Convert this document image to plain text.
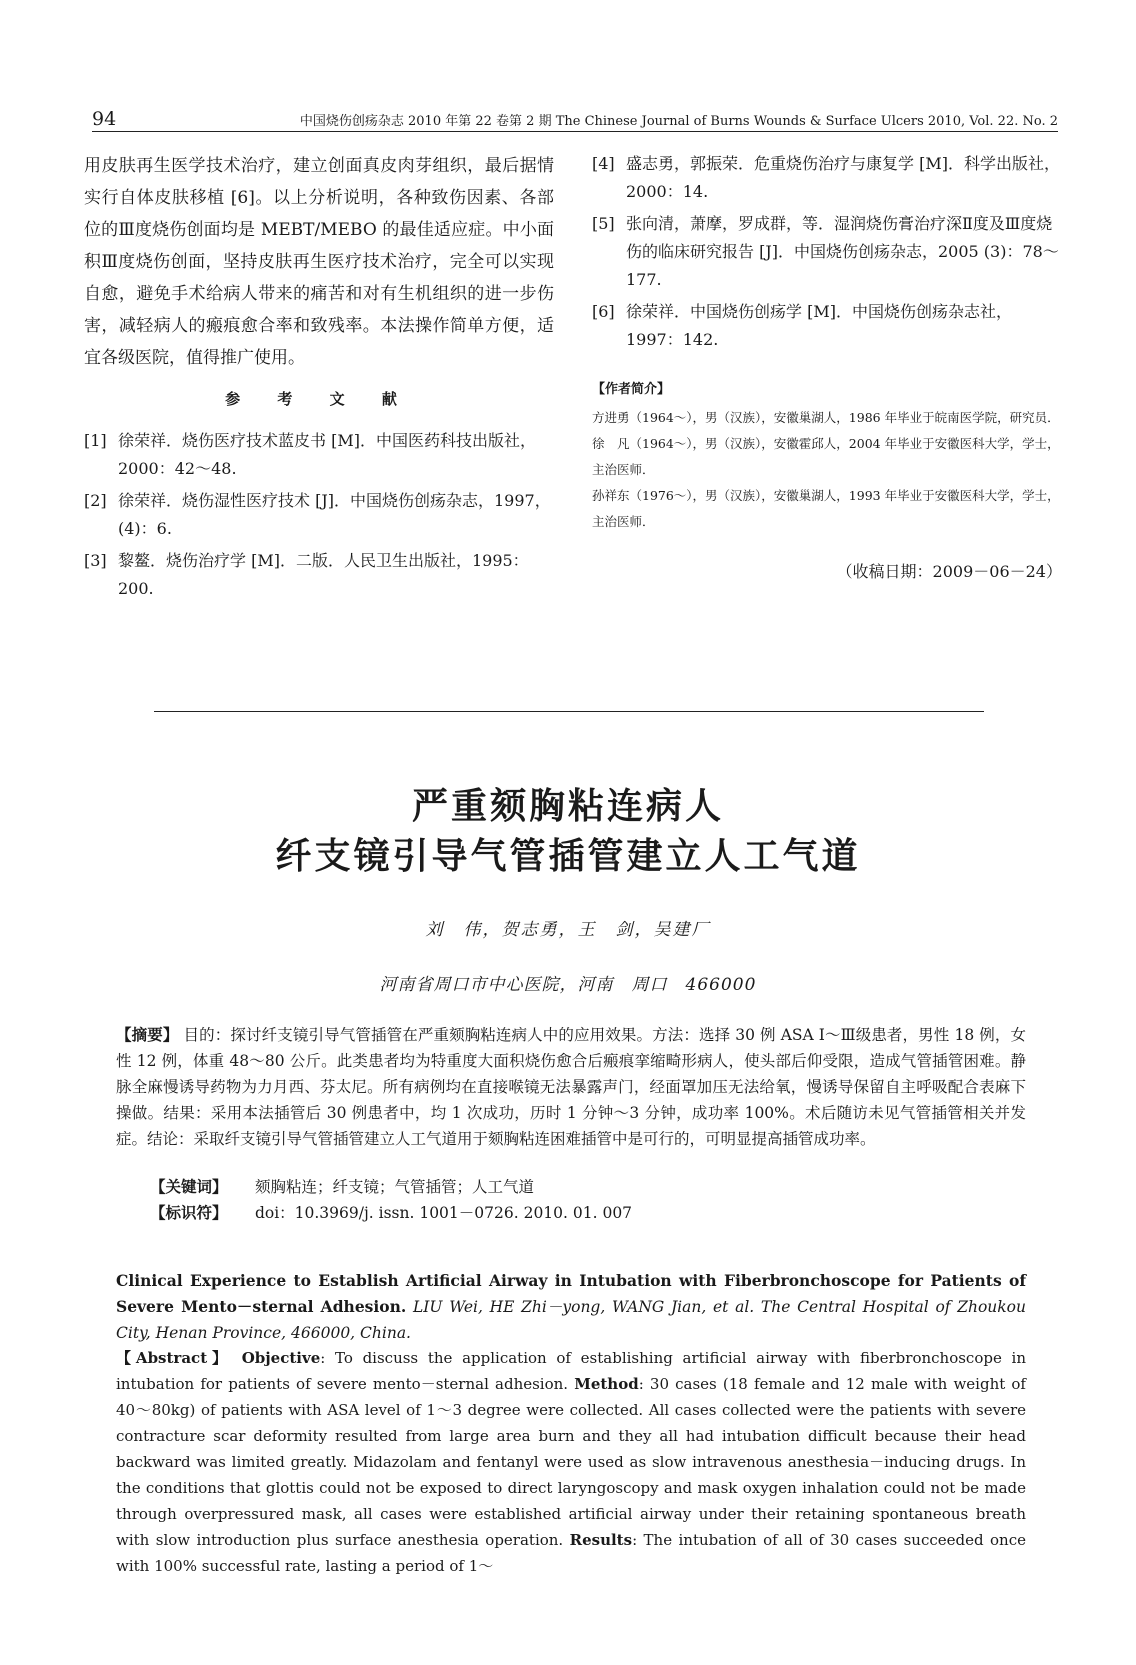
94	中国烧伤创疡杂志 2010 年第 22 卷第 2 期 The Chinese Journal of Burns Wounds & Surface Ulcers 2010, Vol. 22. No. 2

用皮肤再生医学技术治疗，建立创面真皮肉芽组织，最后据情实行自体皮肤移植 [6]。以上分析说明，各种致伤因素、各部位的Ⅲ度烧伤创面均是 MEBT/MEBO 的最佳适应症。中小面积Ⅲ度烧伤创面，坚持皮肤再生医疗技术治疗，完全可以实现自愈，避免手术给病人带来的痛苦和对有生机组织的进一步伤害，减轻病人的瘢痕愈合率和致残率。本法操作简单方便，适宜各级医院，值得推广使用。

参 考 文 献
[1] 徐荣祥．烧伤医疗技术蓝皮书 [M]．中国医药科技出版社，2000：42～48.
[2] 徐荣祥．烧伤湿性医疗技术 [J]．中国烧伤创疡杂志，1997，(4)：6.
[3] 黎鳌．烧伤治疗学 [M]．二版．人民卫生出版社，1995：200.
[4] 盛志勇，郭振荣．危重烧伤治疗与康复学 [M]．科学出版社，2000：14.
[5] 张向清，萧摩，罗成群，等．湿润烧伤膏治疗深Ⅱ度及Ⅲ度烧伤的临床研究报告 [J]．中国烧伤创疡杂志，2005 (3)：78～177.
[6] 徐荣祥．中国烧伤创疡学 [M]．中国烧伤创疡杂志社，1997：142.
【作者简介】
方进勇（1964～），男（汉族），安徽巢湖人，1986 年毕业于皖南医学院，研究员．
徐　凡（1964～），男（汉族），安徽霍邱人，2004 年毕业于安徽医科大学，学士，主治医师．
孙祥东（1976～），男（汉族），安徽巢湖人，1993 年毕业于安徽医科大学，学士，主治医师．
（收稿日期：2009－06－24）
严重颏胸粘连病人
纤支镜引导气管插管建立人工气道
刘　伟，贺志勇，王　剑，吴建厂
河南省周口市中心医院，河南　周口　466000
【摘要】 目的：探讨纤支镜引导气管插管在严重颏胸粘连病人中的应用效果。方法：选择 30 例 ASA Ⅰ～Ⅲ级患者，男性 18 例，女性 12 例，体重 48～80 公斤。此类患者均为特重度大面积烧伤愈合后瘢痕挛缩畸形病人，使头部后仰受限，造成气管插管困难。静脉全麻慢诱导药物为力月西、芬太尼。所有病例均在直接喉镜无法暴露声门，经面罩加压无法给氧，慢诱导保留自主呼吸配合表麻下操做。结果：采用本法插管后 30 例患者中，均 1 次成功，历时 1 分钟～3 分钟，成功率 100%。术后随访未见气管插管相关并发症。结论：采取纤支镜引导气管插管建立人工气道用于颏胸粘连困难插管中是可行的，可明显提高插管成功率。
【关键词】 颏胸粘连；纤支镜；气管插管；人工气道
【标识符】 doi：10.3969/j. issn. 1001－0726. 2010. 01. 007
Clinical Experience to Establish Artificial Airway in Intubation with Fiberbronchoscope for Patients of Severe Mento－sternal Adhesion. LIU Wei, HE Zhi－yong, WANG Jian, et al. The Central Hospital of Zhoukou City, Henan Province, 466000, China.
【Abstract】 Objective: To discuss the application of establishing artificial airway with fiberbronchoscope in intubation for patients of severe mento－sternal adhesion. Method: 30 cases (18 female and 12 male with weight of 40～80kg) of patients with ASA level of 1～3 degree were collected. All cases collected were the patients with severe contracture scar deformity resulted from large area burn and they all had intubation difficult because their head backward was limited greatly. Midazolam and fentanyl were used as slow intravenous anesthesia－inducing drugs. In the conditions that glottis could not be exposed to direct laryngoscopy and mask oxygen inhalation could not be made through overpressured mask, all cases were established artificial airway under their retaining spontaneous breath with slow introduction plus surface anesthesia operation. Results: The intubation of all of 30 cases succeeded once with 100% successful rate, lasting a period of 1～
